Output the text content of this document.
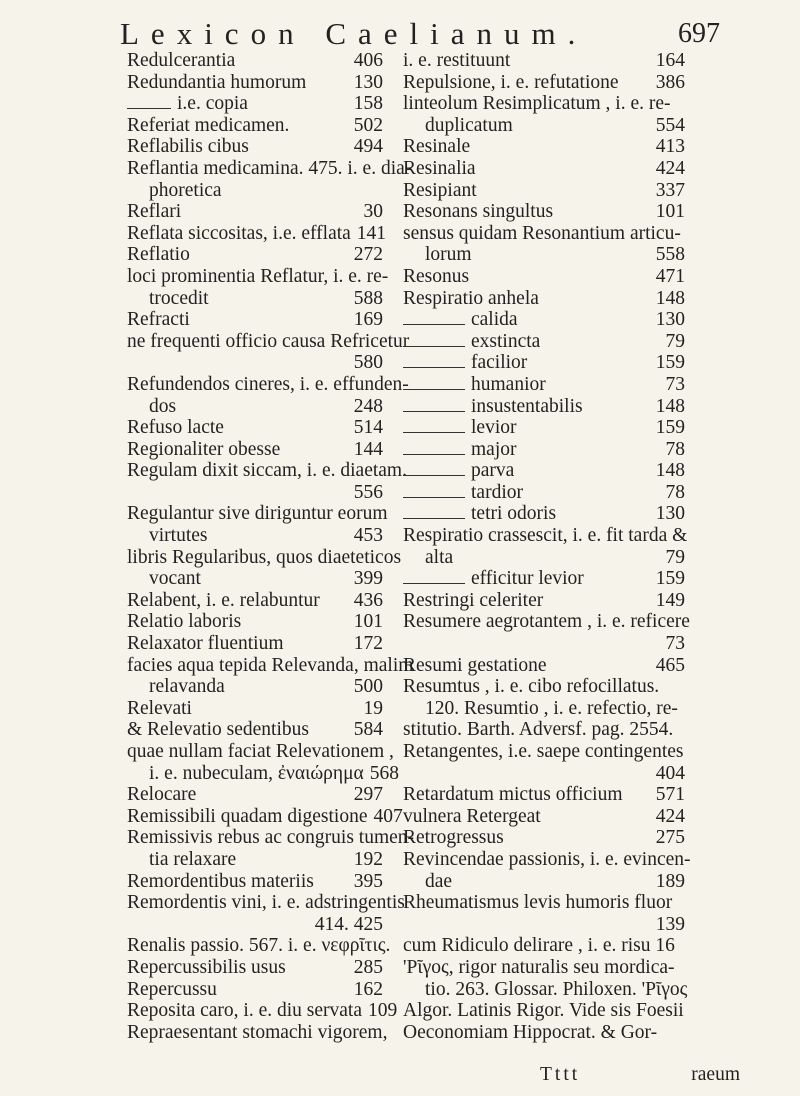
Lexicon Caelianum.	697
Redulcerantia	406
Redundantia humorum	130
i.e. copia	158
Referiat medicamen.	502
Reflabilis cibus	494
Reflantia medicamina. 475. i. e. dia-
phoretica
Reflari	30
Reflata siccositas, i.e. efflata 141
Reflatio	272
loci prominentia Reflatur, i. e. re-
trocedit	588
Refracti	169
ne frequenti officio causa Refricetur
580
Refundendos cineres, i. e. effunden-
dos	248
Refuso lacte	514
Regionaliter obesse	144
Regulam dixit siccam, i. e. diaetam.
556
Regulantur sive diriguntur eorum
virtutes	453
libris Regularibus, quos diaeteticos
vocant	399
Relabent, i. e. relabuntur	436
Relatio laboris	101
Relaxator fluentium	172
facies aqua tepida Relevanda, malim
relavanda	500
Relevati	19
& Relevatio sedentibus	584
quae nullam faciat Relevationem ,
i. e. nubeculam, ἐναιώρημα 568
Relocare	297
Remissibili quadam digestione 407
Remissivis rebus ac congruis tumen-
tia relaxare	192
Remordentibus materiis	395
Remordentis vini, i. e. adstringentis
414. 425
Renalis passio. 567. i. e. νεφρῖτις.
Repercussibilis usus	285
Repercussu	162
Reposita caro, i. e. diu servata 109
Repraesentant stomachi vigorem,
i. e. restituunt	164
Repulsione, i. e. refutatione	386
linteolum Resimplicatum , i. e. re-
duplicatum	554
Resinale	413
Resinalia	424
Resipiant	337
Resonans singultus	101
sensus quidam Resonantium articu-
lorum	558
Resonus	471
Respiratio anhela	148
calida	130
exstincta	79
facilior	159
humanior	73
insustentabilis	148
levior	159
major	78
parva	148
tardior	78
tetri odoris	130
Respiratio crassescit, i. e. fit tarda &
alta	79
efficitur levior	159
Restringi celeriter	149
Resumere aegrotantem , i. e. reficere
73
Resumi gestatione	465
Resumtus , i. e. cibo refocillatus.
120. Resumtio , i. e. refectio, re-
stitutio. Barth. Adversf. pag. 2554.
Retangentes, i.e. saepe contingentes
404
Retardatum mictus officium	571
vulnera Retergeat	424
Retrogressus	275
Revincendae passionis, i. e. evincen-
dae	189
Rheumatismus levis humoris fluor
139
cum Ridiculo delirare , i. e. risu 16
'Pῖγος, rigor naturalis seu mordica-
tio. 263. Glossar. Philoxen. 'Pῖγος
Algor. Latinis Rigor. Vide sis Foesii
Oeconomiam Hippocrat. & Gor-
Tttt	raeum
